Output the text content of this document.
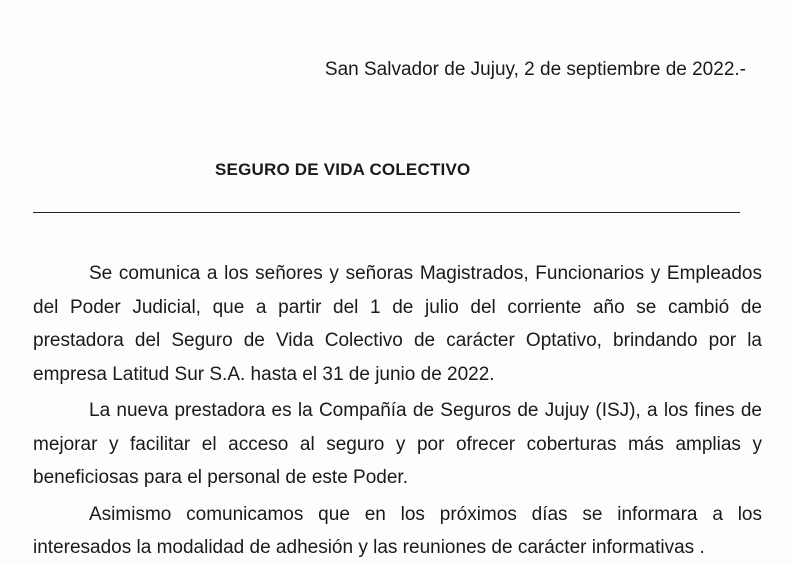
San Salvador de Jujuy, 2 de septiembre de 2022.-
SEGURO DE VIDA COLECTIVO

Se comunica a los señores y señoras Magistrados, Funcionarios y Empleados del Poder Judicial, que a partir del 1 de julio del corriente año se cambió de prestadora del Seguro de Vida Colectivo de carácter Optativo, brindando por la empresa Latitud Sur S.A. hasta el 31 de junio de 2022.

La nueva prestadora es la Compañía de Seguros de Jujuy (ISJ), a los fines de mejorar y facilitar el acceso al seguro y por ofrecer coberturas más amplias y beneficiosas para el personal de este Poder.

Asimismo comunicamos que en los próximos días se informara a los interesados la modalidad de adhesión y las reuniones de carácter informativas .
